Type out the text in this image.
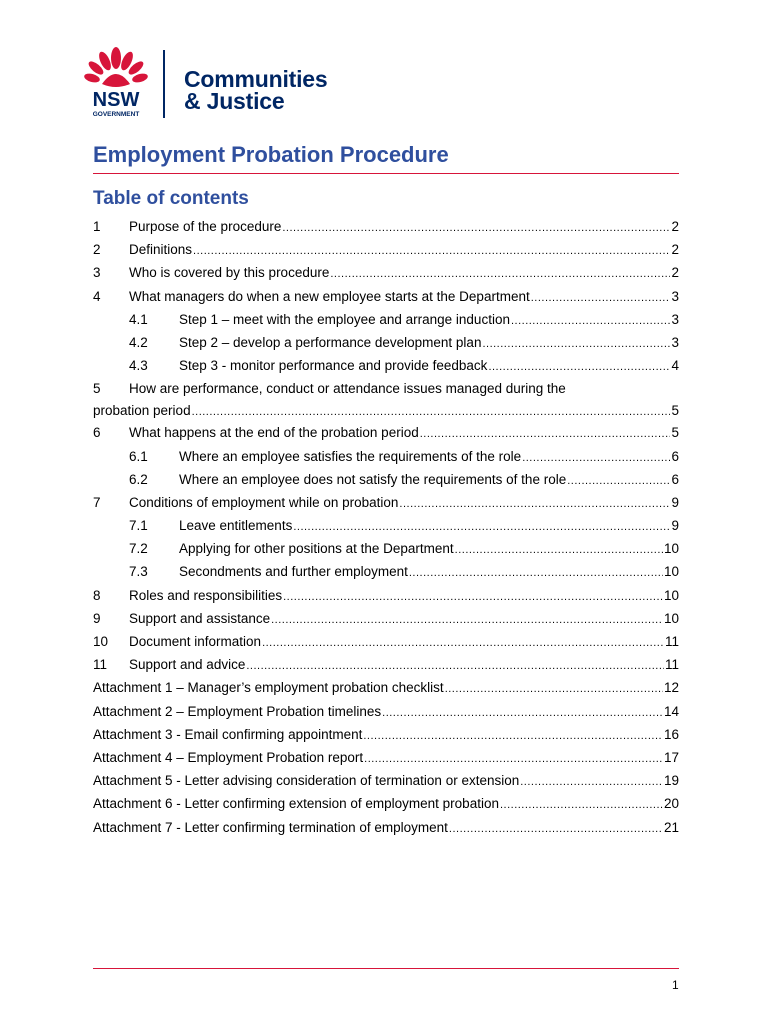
NSW
GOVERNMENT
Communities
& Justice
Employment Probation Procedure
Table of contents
1	Purpose of the procedure .....	2
2	Definitions .....	2
3	Who is covered by this procedure .....	2
4	What managers do when a new employee starts at the Department .....	3
4.1	Step 1 – meet with the employee and arrange induction .....	3
4.2	Step 2 – develop a performance development plan .....	3
4.3	Step 3 - monitor performance and provide feedback .....	4
5	How are performance, conduct or attendance issues managed during the
probation period .....	5
6	What happens at the end of the probation period .....	5
6.1	Where an employee satisfies the requirements of the role .....	6
6.2	Where an employee does not satisfy the requirements of the role .....	6
7	Conditions of employment while on probation .....	9
7.1	Leave entitlements .....	9
7.2	Applying for other positions at the Department .....	10
7.3	Secondments and further employment .....	10
8	Roles and responsibilities .....	10
9	Support and assistance .....	10
10	Document information .....	11
11	Support and advice .....	11
Attachment 1 – Manager’s employment probation checklist .....	12
Attachment 2 – Employment Probation timelines .....	14
Attachment 3 - Email confirming appointment .....	16
Attachment 4 – Employment Probation report .....	17
Attachment 5 - Letter advising consideration of termination or extension .....	19
Attachment 6 - Letter confirming extension of employment probation .....	20
Attachment 7 - Letter confirming termination of employment .....	21
1
